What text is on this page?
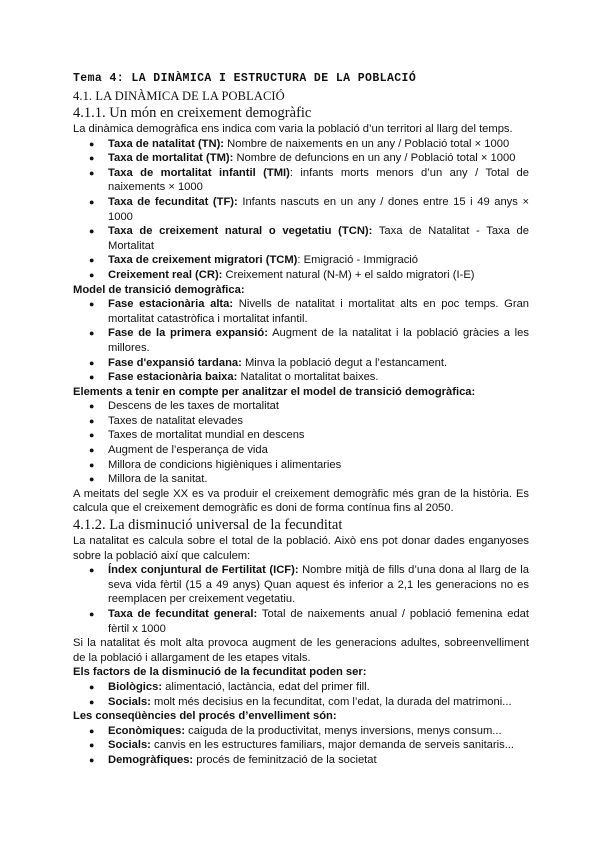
Tema 4: LA DINÀMICA I ESTRUCTURA DE LA POBLACIÓ
4.1. LA DINÀMICA DE LA POBLACIÓ
4.1.1. Un món en creixement demogràfic

La dinàmica demogràfica ens indica com varia la població d’un territori al llarg del temps.

● Taxa de natalitat (TN): Nombre de naixements en un any / Població total × 1000
● Taxa de mortalitat (TM): Nombre de defuncions en un any / Població total × 1000
● Taxa de mortalitat infantil (TMI): infants morts menors d’un any / Total de naixements × 1000
● Taxa de fecunditat (TF): Infants nascuts en un any / dones entre 15 i 49 anys × 1000
● Taxa de creixement natural o vegetatiu (TCN): Taxa de Natalitat - Taxa de Mortalitat
● Taxa de creixement migratori (TCM): Emigració - Immigració
● Creixement real (CR): Creixement natural (N-M) + el saldo migratori (I-E)
Model de transició demogràfica:
● Fase estacionària alta: Nivells de natalitat i mortalitat alts en poc temps. Gran mortalitat catastròfica i mortalitat infantil.
● Fase de la primera expansió: Augment de la natalitat i la població gràcies a les millores.
● Fase d'expansió tardana: Minva la població degut a l’estancament.
● Fase estacionària baixa: Natalitat o mortalitat baixes.
Elements a tenir en compte per analitzar el model de transició demogràfica:
● Descens de les taxes de mortalitat
● Taxes de natalitat elevades
● Taxes de mortalitat mundial en descens
● Augment de l’esperança de vida
● Millora de condicions higièniques i alimentaries
● Millora de la sanitat.

A meitats del segle XX es va produir el creixement demogràfic més gran de la història. Es calcula que el creixement demogràfic es doni de forma contínua fins al 2050.

4.1.2. La disminució universal de la fecunditat

La natalitat es calcula sobre el total de la població. Això ens pot donar dades enganyoses sobre la població així que calculem:

● Índex conjuntural de Fertilitat (ICF): Nombre mitjà de fills d’una dona al llarg de la seva vida fèrtil (15 a 49 anys) Quan aquest és inferior a 2,1 les generacions no es reemplacen per creixement vegetatiu.
● Taxa de fecunditat general: Total de naixements anual / població femenina edat fèrtil x 1000

Si la natalitat és molt alta provoca augment de les generacions adultes, sobreenvelliment de la població i allargament de les etapes vitals.

Els factors de la disminució de la fecunditat poden ser:
● Biològics: alimentació, lactància, edat del primer fill.
● Socials: molt més decisius en la fecunditat, com l’edat, la durada del matrimoni...
Les conseqüències del procés d’envelliment són:
● Econòmiques: caiguda de la productivitat, menys inversions, menys consum...
● Socials: canvis en les estructures familiars, major demanda de serveis sanitaris...
● Demogràfiques: procés de feminització de la societat
